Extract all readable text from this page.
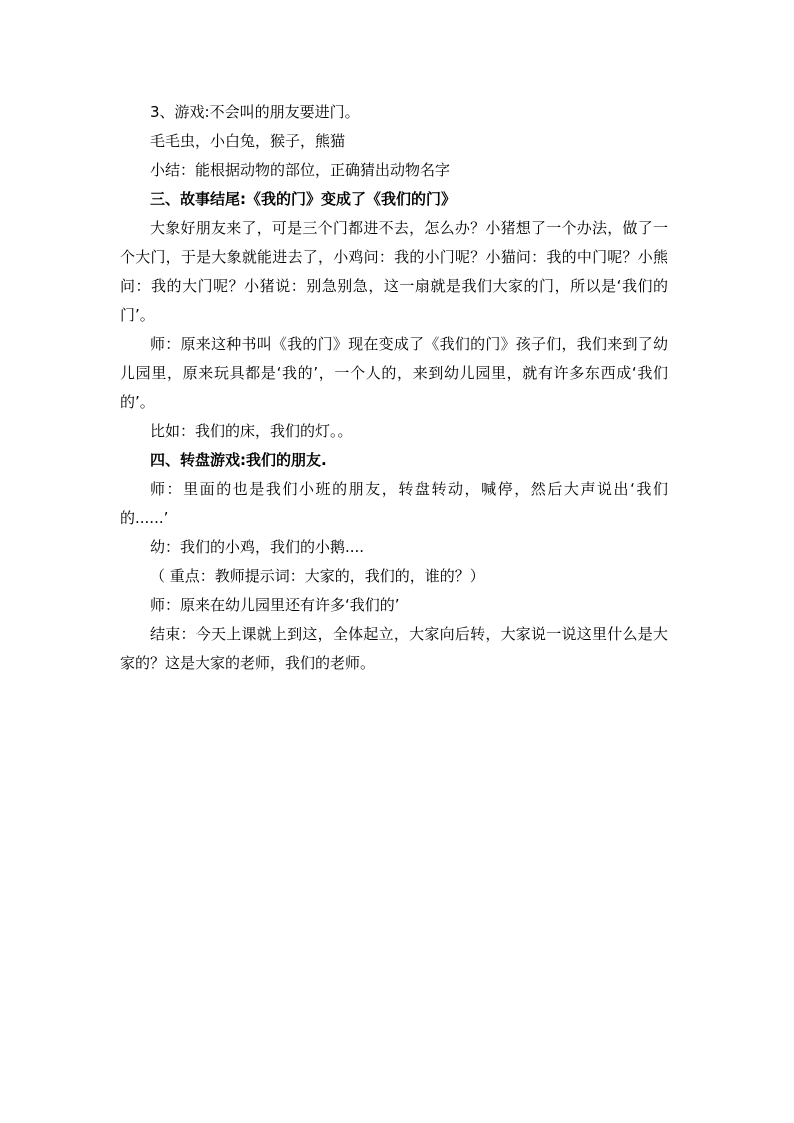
3、游戏:不会叫的朋友要进门。

毛毛虫，小白兔，猴子，熊猫

小结：能根据动物的部位，正确猜出动物名字

三、故事结尾:《我的门》变成了《我们的门》

大象好朋友来了，可是三个门都进不去，怎么办？小猪想了一个办法，做了一个大门，于是大象就能进去了，小鸡问：我的小门呢？小猫问：我的中门呢？小熊问：我的大门呢？小猪说：别急别急，这一扇就是我们大家的门，所以是‘我们的门’。

师：原来这种书叫《我的门》现在变成了《我们的门》孩子们，我们来到了幼儿园里，原来玩具都是‘我的’，一个人的，来到幼儿园里，就有许多东西成‘我们的’。

比如：我们的床，我们的灯。。

四、转盘游戏:我们的朋友.

师：里面的也是我们小班的朋友，转盘转动，喊停，然后大声说出‘我们的......’

幼：我们的小鸡，我们的小鹅....

（ 重点：教师提示词：大家的，我们的，谁的？）

师：原来在幼儿园里还有许多‘我们的’

结束：今天上课就上到这，全体起立，大家向后转，大家说一说这里什么是大家的？这是大家的老师，我们的老师。
